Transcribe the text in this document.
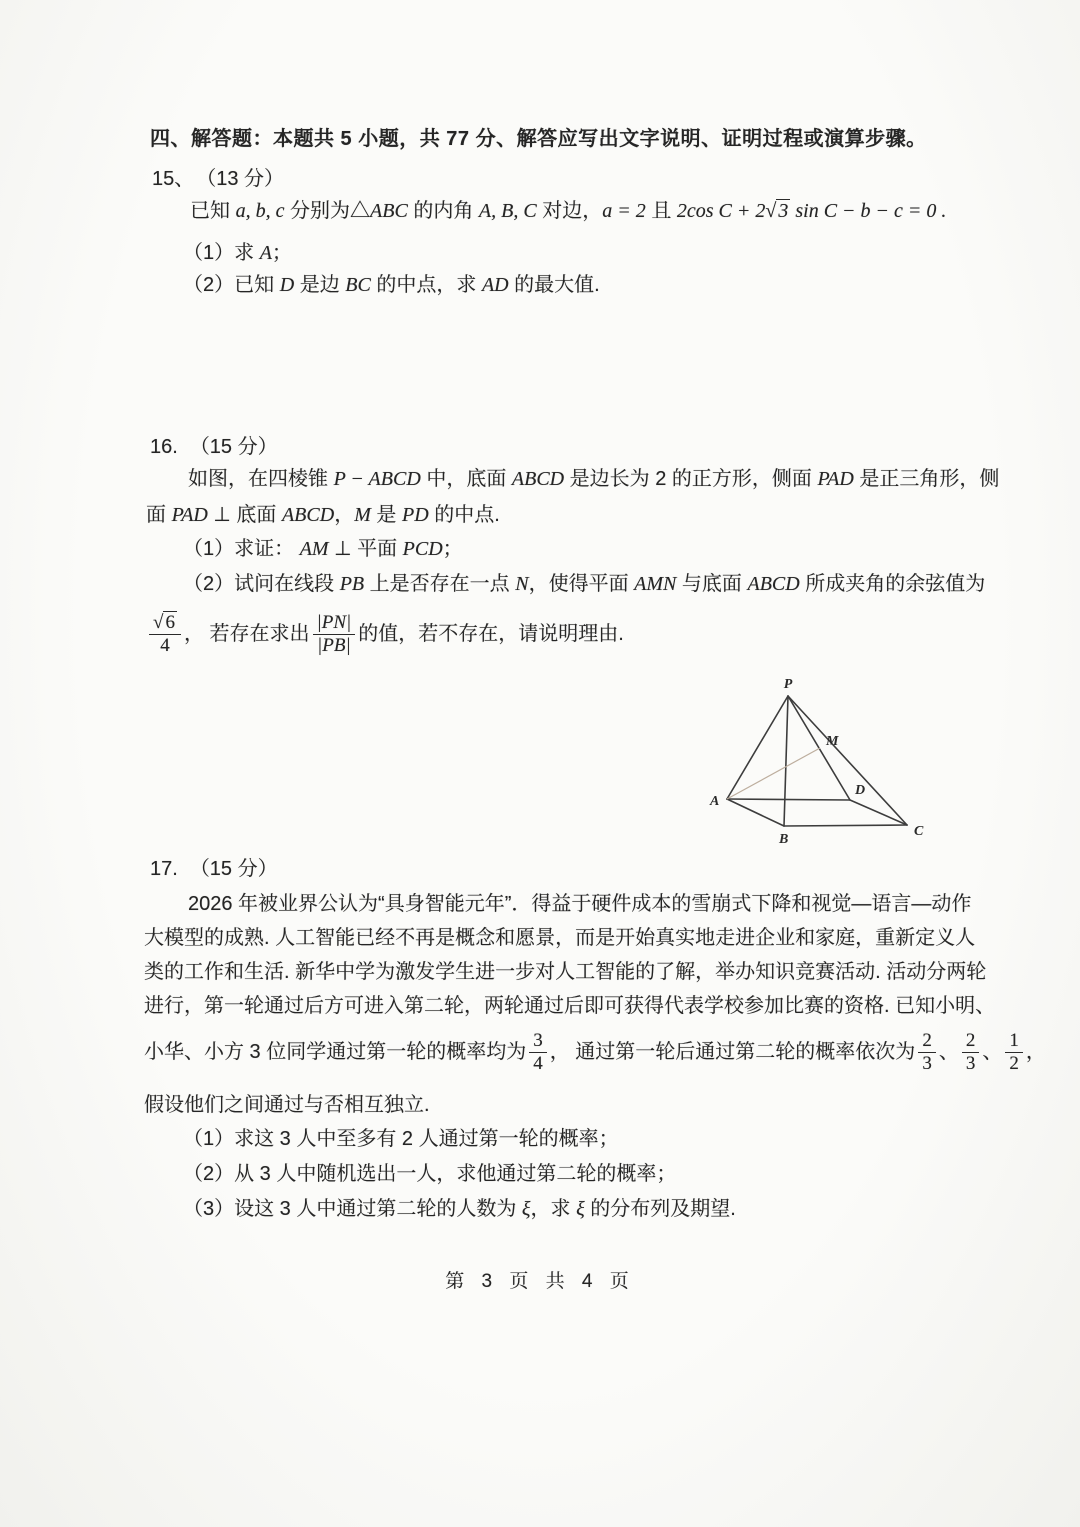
四、解答题：本题共 5 小题，共 77 分、解答应写出文字说明、证明过程或演算步骤。
15、 （13 分）
已知 a, b, c 分别为△ABC 的内角 A, B, C 对边，a = 2 且 2cos C + 2√ 3 sin C − b − c = 0 .
（1）求 A；
（2）已知 D 是边 BC 的中点，求 AD 的最大值.
16. （15 分）
如图，在四棱锥 P − ABCD 中，底面 ABCD 是边长为 2 的正方形，侧面 PAD 是正三角形，侧
面 PAD ⊥ 底面 ABCD，M 是 PD 的中点.
（1）求证： AM ⊥ 平面 PCD；
（2）试问在线段 PB 上是否存在一点 N，使得平面 AMN 与底面 ABCD 所成夹角的余弦值为
$\frac{√ 6}{4}$ ， 若存在求出 $\frac{|PN|}{|PB|}$ 的值，若不存在，请说明理由.
P
A
B
C
D
M
17. （15 分）
2026 年被业界公认为“具身智能元年”．得益于硬件成本的雪崩式下降和视觉—语言—动作
大模型的成熟. 人工智能已经不再是概念和愿景，而是开始真实地走进企业和家庭，重新定义人
类的工作和生活. 新华中学为激发学生进一步对人工智能的了解，举办知识竞赛活动. 活动分两轮
进行，第一轮通过后方可进入第二轮，两轮通过后即可获得代表学校参加比赛的资格. 已知小明、
小华、小方 3 位同学通过第一轮的概率均为 $\frac{3}{4}$ ， 通过第一轮后通过第二轮的概率依次为 $\frac{2}{3}$ 、 $\frac{2}{3}$ 、 $\frac{1}{2}$ ，
假设他们之间通过与否相互独立.
（1）求这 3 人中至多有 2 人通过第一轮的概率；
（2）从 3 人中随机选出一人，求他通过第二轮的概率；
（3）设这 3 人中通过第二轮的人数为 ξ，求 ξ 的分布列及期望.
第 3 页 共 4 页
